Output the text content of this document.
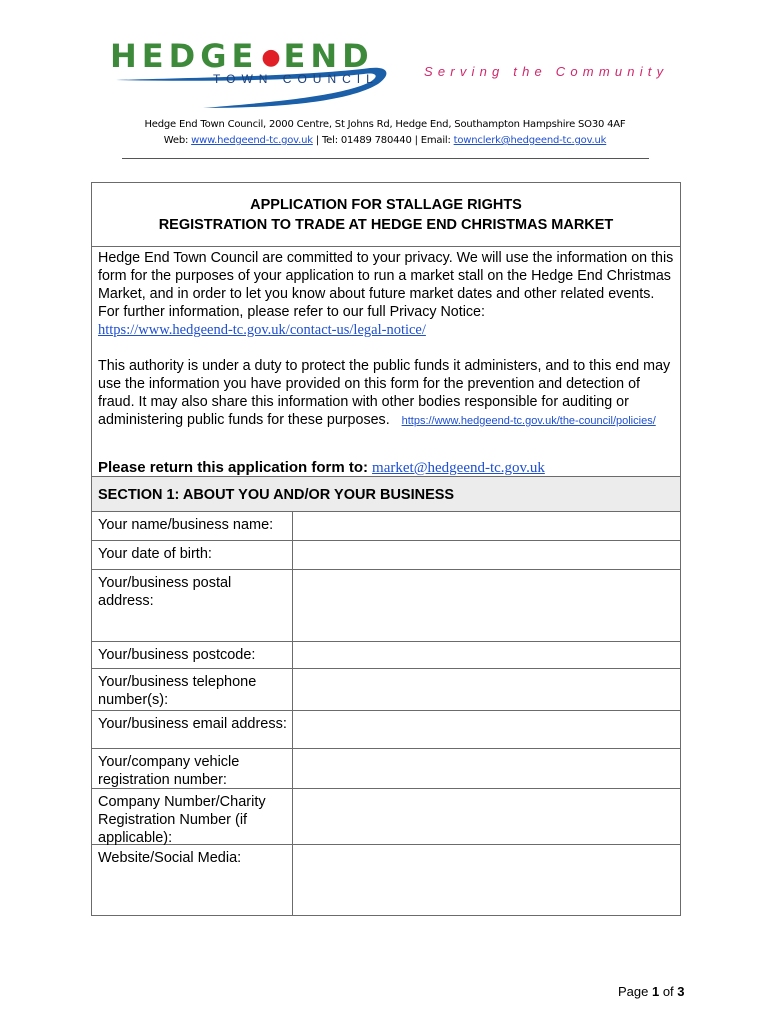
HEDGE ●END
TOWN COUNCIL	Serving the Community
Hedge End Town Council, 2000 Centre, St Johns Rd, Hedge End, Southampton Hampshire SO30 4AF
Web: www.hedgeend-tc.gov.uk | Tel: 01489 780440 | Email: townclerk@hedgeend-tc.gov.uk
APPLICATION FOR STALLAGE RIGHTS
REGISTRATION TO TRADE AT HEDGE END CHRISTMAS MARKET
Hedge End Town Council are committed to your privacy. We will use the information on this form for the purposes of your application to run a market stall on the Hedge End Christmas Market, and in order to let you know about future market dates and other related events. For further information, please refer to our full Privacy Notice:
https://www.hedgeend-tc.gov.uk/contact-us/legal-notice/
This authority is under a duty to protect the public funds it administers, and to this end may use the information you have provided on this form for the prevention and detection of fraud. It may also share this information with other bodies responsible for auditing or administering public funds for these purposes. https://www.hedgeend-tc.gov.uk/the-council/policies/
Please return this application form to: market@hedgeend-tc.gov.uk
SECTION 1: ABOUT YOU AND/OR YOUR BUSINESS
Your name/business name:
Your date of birth:
Your/business postal address:
Your/business postcode:
Your/business telephone number(s):
Your/business email address:
Your/company vehicle registration number:
Company Number/Charity Registration Number (if applicable):
Website/Social Media:
Page 1 of 3
